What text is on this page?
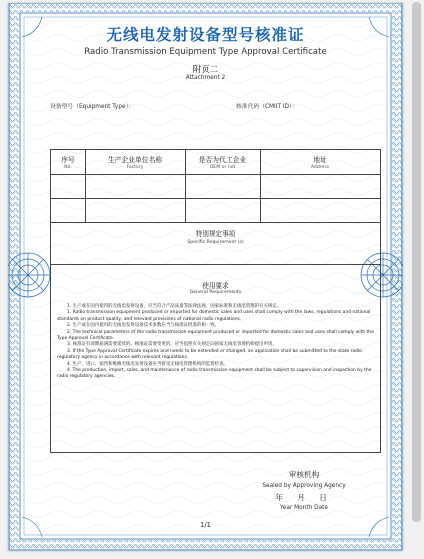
无线电发射设备型号核准证
Radio Transmission Equipment Type Approval Certificate
附页二
Attachment 2
设备型号（Equipment Type）：	核准代码（CMIIT ID）：
序号
No.
生产企业单位名称
Factory
是否为代工企业
OEM or not
地址
Address
特别规定事项
Specific Requirement (s)
使用要求
General Requirements

1. 生产或在国内使用的无线电发射设备，应当符合产品质量等法律法规、国家标准和无线电管理的有关规定。

1. Radio transmission equipment produced or imported for domestic sales and uses shall comply with the laws, regulations and national standards on product quality, and relevant provisions of national radio regulations.

2. 生产或在国内使用的无线电发射设备技术参数应当与核准证批准的相一致。

2. The technical parameters of the radio transmission equipment produced or imported for domestic sales and uses shall comply with the Type Approval Certificate.

3. 核准证有效期届满需要延续的，核准证需要变更的，应当依照有关规定向国家无线电管理机构提出申请。

3. If the Type Approval Certificate expires and needs to be extended or changed, an application shall be submitted to the state radio regulatory agency in accordance with relevant regulations.

4. 生产、进口、销售和维修无线电发射设备应当接受无线电管理机构的监督检查。

4. The production, import, sales, and maintenance of radio transmission equipment shall be subject to supervision and inspection by the radio regulatory agencies.

审核机构
Sealed by Approving Agency
年 月 日
Year Month Date
1/1
